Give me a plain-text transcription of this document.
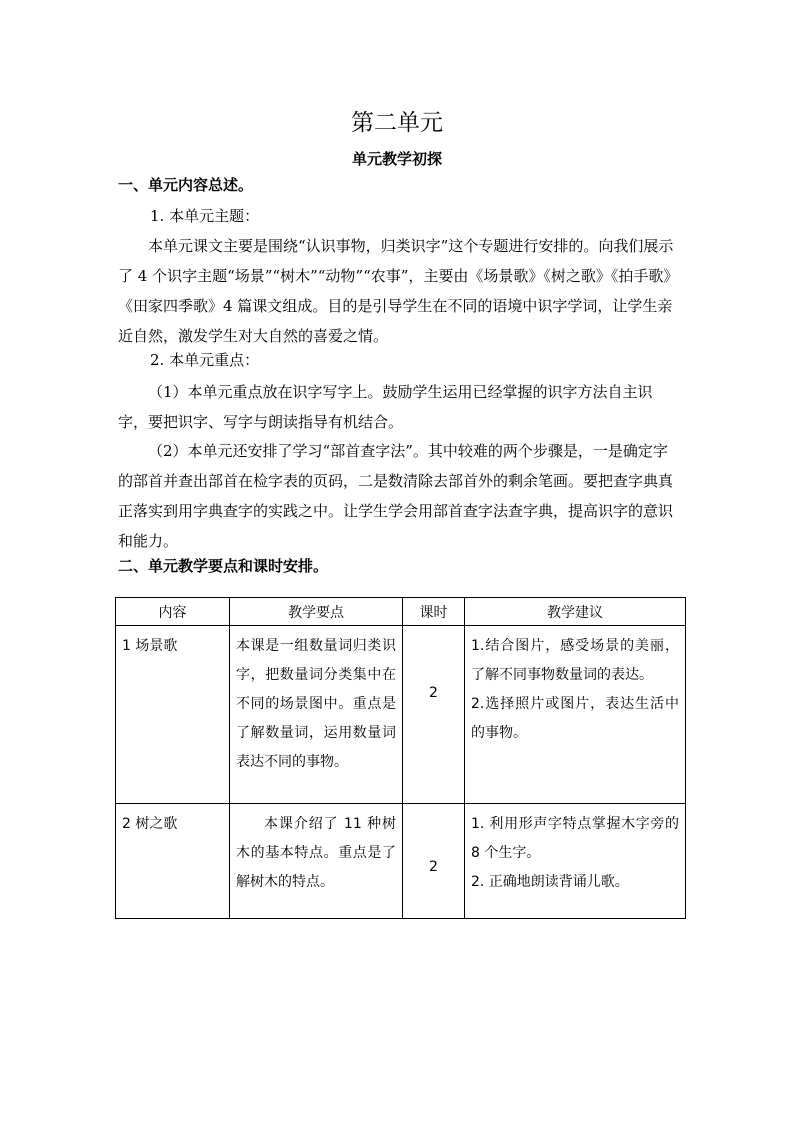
第二单元
单元教学初探
一、单元内容总述。
1. 本单元主题：
本单元课文主要是围绕“认识事物，归类识字”这个专题进行安排的。向我们展示了 4 个识字主题“场景”“树木”“动物”“农事”，主要由《场景歌》《树之歌》《拍手歌》《田家四季歌》4 篇课文组成。目的是引导学生在不同的语境中识字学词，让学生亲近自然，激发学生对大自然的喜爱之情。
2. 本单元重点：
（1）本单元重点放在识字写字上。鼓励学生运用已经掌握的识字方法自主识字，要把识字、写字与朗读指导有机结合。
（2）本单元还安排了学习“部首查字法”。其中较难的两个步骤是，一是确定字的部首并查出部首在检字表的页码，二是数清除去部首外的剩余笔画。要把查字典真正落实到用字典查字的实践之中。让学生学会用部首查字法查字典，提高识字的意识和能力。
二、单元教学要点和课时安排。
内容	教学要点	课时	教学建议

1 场景歌	本课是一组数量词归类识字，把数量词分类集中在不同的场景图中。重点是了解数量词，运用数量词表达不同的事物。	2	1.结合图片，感受场景的美丽，了解不同事物数量词的表达。
2.选择照片或图片，表达生活中的事物。

2 树之歌	本课介绍了 11 种树木的基本特点。重点是了解树木的特点。	2	1. 利用形声字特点掌握木字旁的 8 个生字。
2. 正确地朗读背诵儿歌。
